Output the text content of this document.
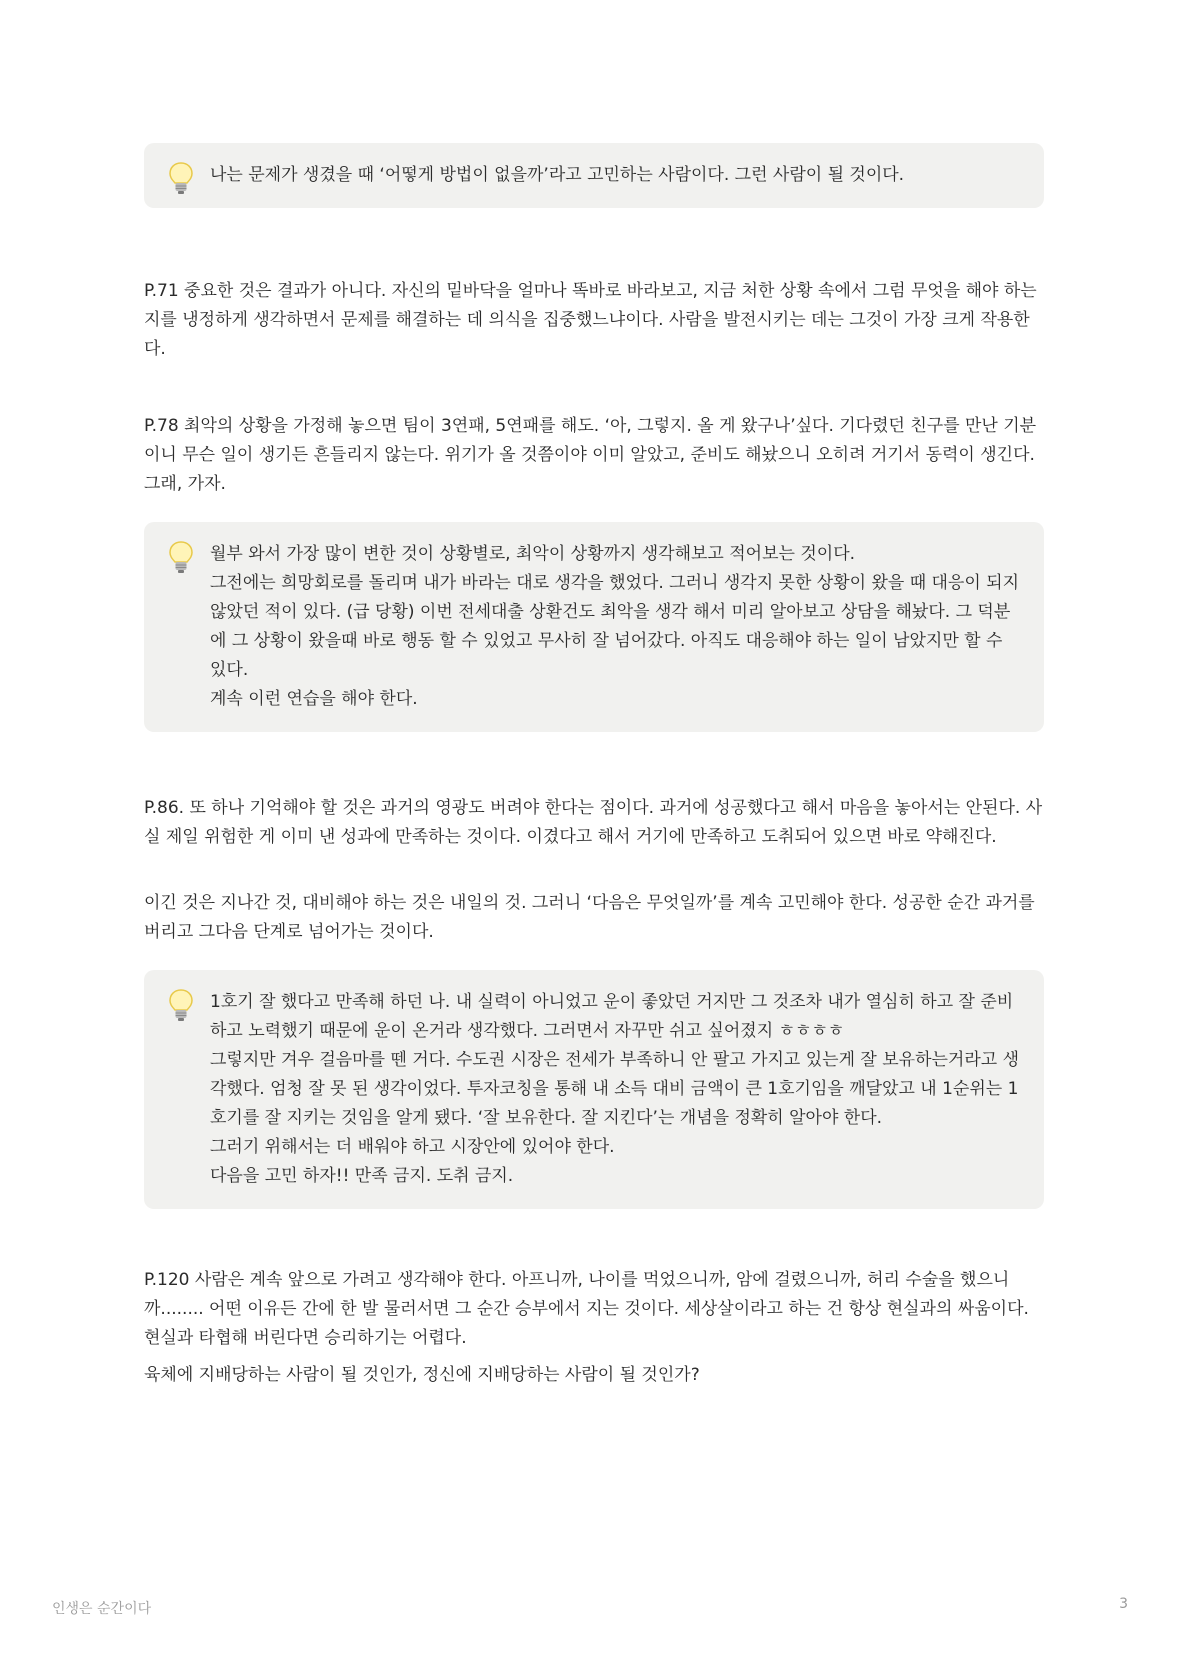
나는 문제가 생겼을 때 ‘어떻게 방법이 없을까’라고 고민하는 사람이다. 그런 사람이 될 것이다.

P.71 중요한 것은 결과가 아니다. 자신의 밑바닥을 얼마나 똑바로 바라보고, 지금 처한 상황 속에서 그럼 무엇을 해야 하는지를 냉정하게 생각하면서 문제를 해결하는 데 의식을 집중했느냐이다. 사람을 발전시키는 데는 그것이 가장 크게 작용한다.

P.78 최악의 상황을 가정해 놓으면 팀이 3연패, 5연패를 해도. ‘아, 그렇지. 올 게 왔구나’싶다. 기다렸던 친구를 만난 기분이니 무슨 일이 생기든 흔들리지 않는다. 위기가 올 것쯤이야 이미 알았고, 준비도 해놨으니 오히려 거기서 동력이 생긴다. 그래, 가자.

월부 와서 가장 많이 변한 것이 상황별로, 최악이 상황까지 생각해보고 적어보는 것이다.
그전에는 희망회로를 돌리며 내가 바라는 대로 생각을 했었다. 그러니 생각지 못한 상황이 왔을 때 대응이 되지 않았던 적이 있다. (급 당황) 이번 전세대출 상환건도 최악을 생각 해서 미리 알아보고 상담을 해놨다. 그 덕분에 그 상황이 왔을때 바로 행동 할 수 있었고 무사히 잘 넘어갔다. 아직도 대응해야 하는 일이 남았지만 할 수 있다.
계속 이런 연습을 해야 한다.

P.86. 또 하나 기억해야 할 것은 과거의 영광도 버려야 한다는 점이다. 과거에 성공했다고 해서 마음을 놓아서는 안된다. 사실 제일 위험한 게 이미 낸 성과에 만족하는 것이다. 이겼다고 해서 거기에 만족하고 도취되어 있으면 바로 약해진다.

이긴 것은 지나간 것, 대비해야 하는 것은 내일의 것. 그러니 ‘다음은 무엇일까’를 계속 고민해야 한다. 성공한 순간 과거를 버리고 그다음 단계로 넘어가는 것이다.

1호기 잘 했다고 만족해 하던 나. 내 실력이 아니었고 운이 좋았던 거지만 그 것조차 내가 열심히 하고 잘 준비하고 노력했기 때문에 운이 온거라 생각했다. 그러면서 자꾸만 쉬고 싶어졌지 ㅎㅎㅎㅎ
그렇지만 겨우 걸음마를 뗀 거다. 수도권 시장은 전세가 부족하니 안 팔고 가지고 있는게 잘 보유하는거라고 생각했다. 엄청 잘 못 된 생각이었다. 투자코칭을 통해 내 소득 대비 금액이 큰 1호기임을 깨달았고 내 1순위는 1호기를 잘 지키는 것임을 알게 됐다. ‘잘 보유한다. 잘 지킨다’는 개념을 정확히 알아야 한다.
그러기 위해서는 더 배워야 하고 시장안에 있어야 한다.
다음을 고민 하자!! 만족 금지. 도취 금지.

P.120 사람은 계속 앞으로 가려고 생각해야 한다. 아프니까, 나이를 먹었으니까, 암에 걸렸으니까, 허리 수술을 했으니까........ 어떤 이유든 간에 한 발 물러서면 그 순간 승부에서 지는 것이다. 세상살이라고 하는 건 항상 현실과의 싸움이다. 현실과 타협해 버린다면 승리하기는 어렵다.

육체에 지배당하는 사람이 될 것인가, 정신에 지배당하는 사람이 될 것인가?

인생은 순간이다	3
